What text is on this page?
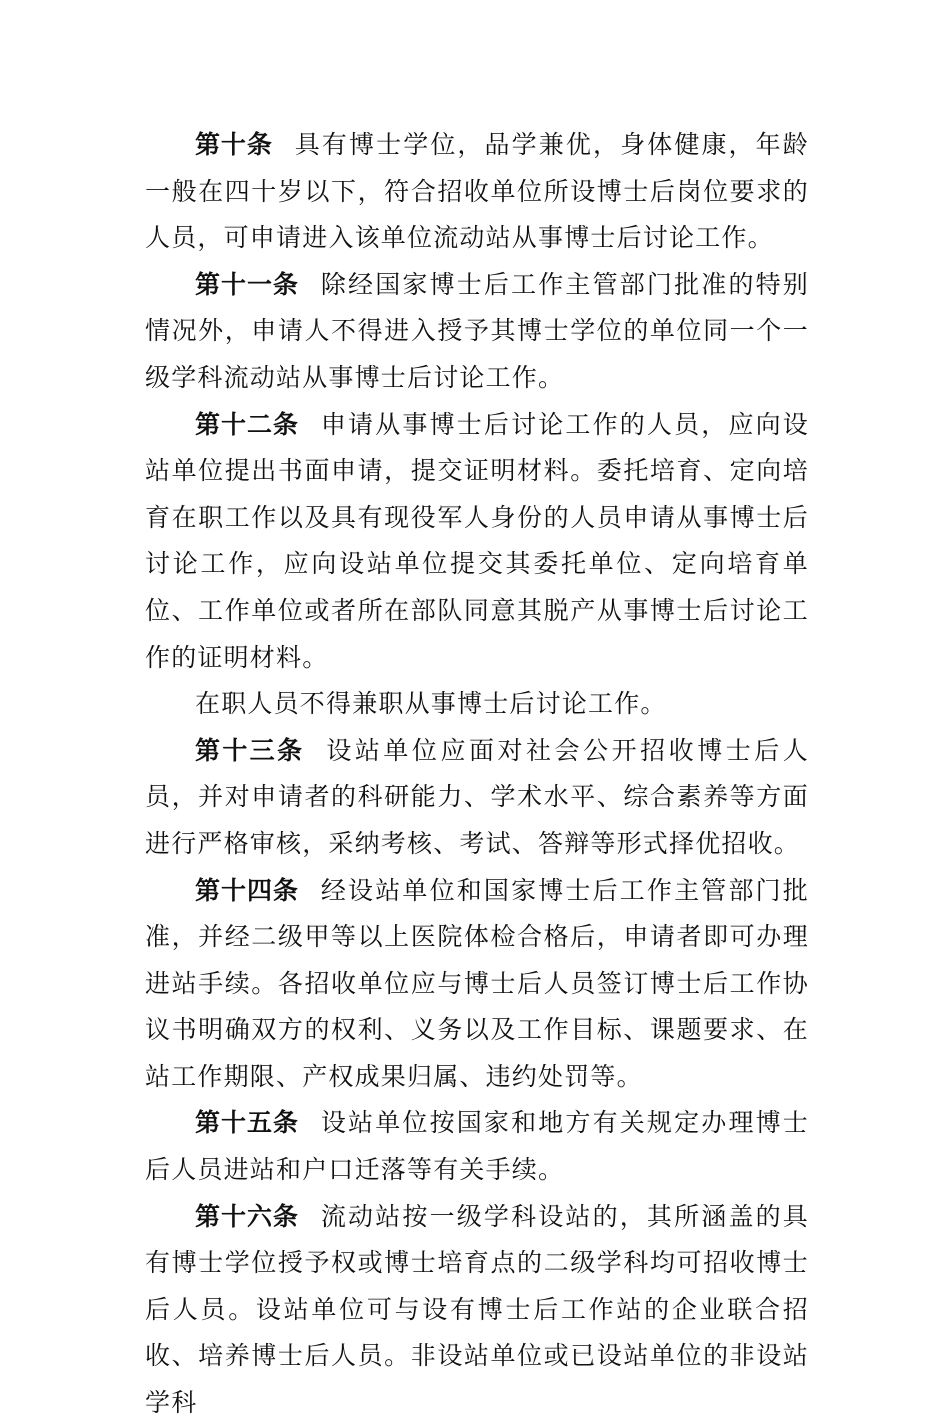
第十条 具有博士学位，品学兼优，身体健康，年龄一般在四十岁以下，符合招收单位所设博士后岗位要求的人员，可申请进入该单位流动站从事博士后讨论工作。

第十一条 除经国家博士后工作主管部门批准的特别情况外，申请人不得进入授予其博士学位的单位同一个一级学科流动站从事博士后讨论工作。

第十二条 申请从事博士后讨论工作的人员，应向设站单位提出书面申请，提交证明材料。委托培育、定向培育在职工作以及具有现役军人身份的人员申请从事博士后讨论工作，应向设站单位提交其委托单位、定向培育单位、工作单位或者所在部队同意其脱产从事博士后讨论工作的证明材料。

在职人员不得兼职从事博士后讨论工作。

第十三条 设站单位应面对社会公开招收博士后人员，并对申请者的科研能力、学术水平、综合素养等方面进行严格审核，采纳考核、考试、答辩等形式择优招收。

第十四条 经设站单位和国家博士后工作主管部门批准，并经二级甲等以上医院体检合格后，申请者即可办理进站手续。各招收单位应与博士后人员签订博士后工作协议书明确双方的权利、义务以及工作目标、课题要求、在站工作期限、产权成果归属、违约处罚等。

第十五条 设站单位按国家和地方有关规定办理博士后人员进站和户口迁落等有关手续。

第十六条 流动站按一级学科设站的，其所涵盖的具有博士学位授予权或博士培育点的二级学科均可招收博士后人员。设站单位可与设有博士后工作站的企业联合招收、培养博士后人员。非设站单位或已设站单位的非设站学科
